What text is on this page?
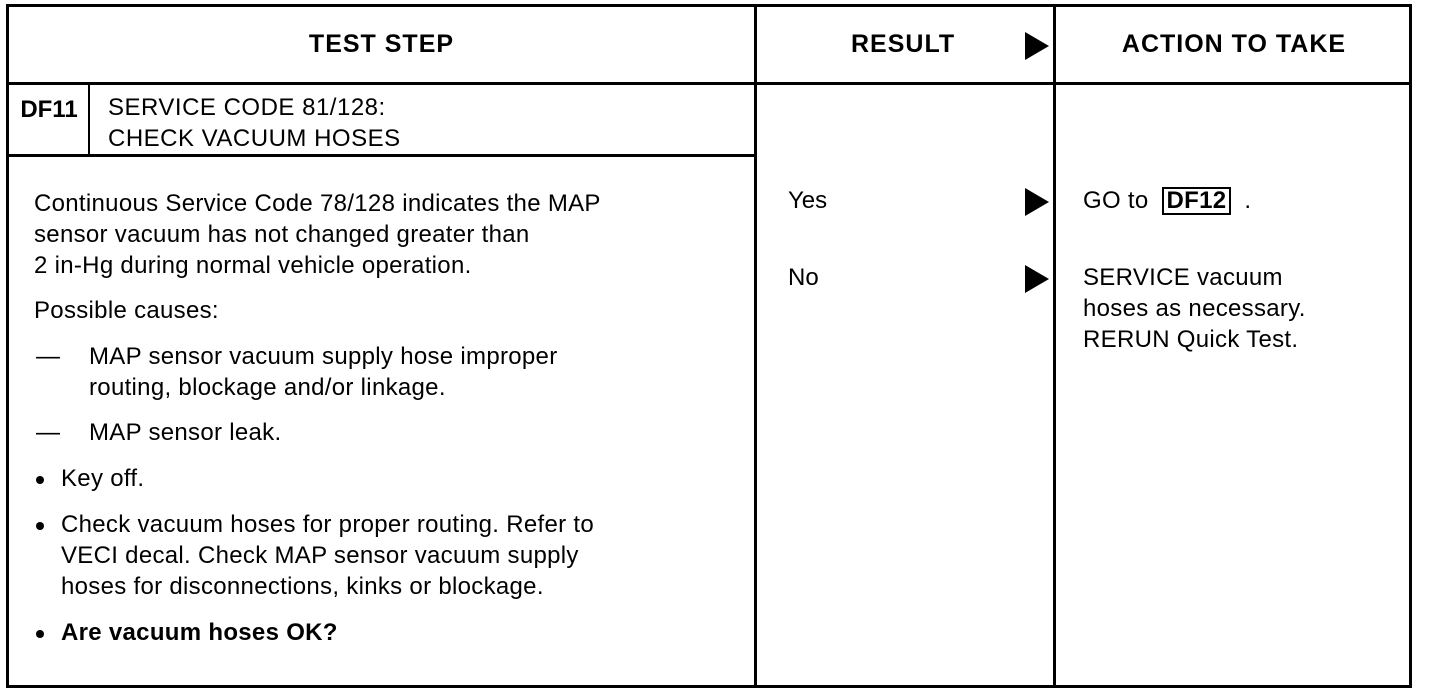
TEST STEP	RESULT	ACTION TO TAKE
DF11	SERVICE CODE 81/128:
CHECK VACUUM HOSES
Continuous Service Code 78/128 indicates the MAP
sensor vacuum has not changed greater than
2 in-Hg during normal vehicle operation.
Possible causes:
— MAP sensor vacuum supply hose improper
routing, blockage and/or linkage.
— MAP sensor leak.
Key off.
Check vacuum hoses for proper routing. Refer to
VECI decal. Check MAP sensor vacuum supply
hoses for disconnections, kinks or blockage.
Are vacuum hoses OK?
Yes	GO to DF12 .
No	SERVICE vacuum
hoses as necessary.
RERUN Quick Test.
